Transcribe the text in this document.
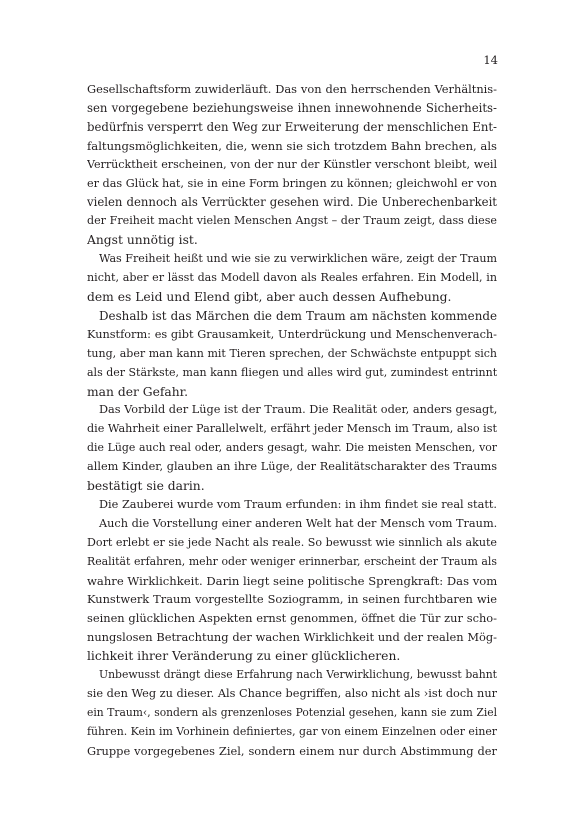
14
Gesellschaftsform zuwiderläuft. Das von den herrschenden Verhältnis-
sen vorgegebene beziehungsweise ihnen innewohnende Sicherheits-
bedürfnis versperrt den Weg zur Erweiterung der menschlichen Ent-
faltungsmöglichkeiten, die, wenn sie sich trotzdem Bahn brechen, als
Verrücktheit erscheinen, von der nur der Künstler verschont bleibt, weil
er das Glück hat, sie in eine Form bringen zu können; gleichwohl er von
vielen dennoch als Verrückter gesehen wird. Die Unberechenbarkeit
der Freiheit macht vielen Menschen Angst – der Traum zeigt, dass diese
Angst unnötig ist.
Was Freiheit heißt und wie sie zu verwirklichen wäre, zeigt der Traum
nicht, aber er lässt das Modell davon als Reales erfahren. Ein Modell, in
dem es Leid und Elend gibt, aber auch dessen Aufhebung.
Deshalb ist das Märchen die dem Traum am nächsten kommende
Kunstform: es gibt Grausamkeit, Unterdrückung und Menschenverach-
tung, aber man kann mit Tieren sprechen, der Schwächste entpuppt sich
als der Stärkste, man kann fliegen und alles wird gut, zumindest entrinnt
man der Gefahr.
Das Vorbild der Lüge ist der Traum. Die Realität oder, anders gesagt,
die Wahrheit einer Parallelwelt, erfährt jeder Mensch im Traum, also ist
die Lüge auch real oder, anders gesagt, wahr. Die meisten Menschen, vor
allem Kinder, glauben an ihre Lüge, der Realitätscharakter des Traums
bestätigt sie darin.
Die Zauberei wurde vom Traum erfunden: in ihm findet sie real statt.
Auch die Vorstellung einer anderen Welt hat der Mensch vom Traum.
Dort erlebt er sie jede Nacht als reale. So bewusst wie sinnlich als akute
Realität erfahren, mehr oder weniger erinnerbar, erscheint der Traum als
wahre Wirklichkeit. Darin liegt seine politische Sprengkraft: Das vom
Kunstwerk Traum vorgestellte Soziogramm, in seinen furchtbaren wie
seinen glücklichen Aspekten ernst genommen, öffnet die Tür zur scho-
nungslosen Betrachtung der wachen Wirklichkeit und der realen Mög-
lichkeit ihrer Veränderung zu einer glücklicheren.
Unbewusst drängt diese Erfahrung nach Verwirklichung, bewusst bahnt
sie den Weg zu dieser. Als Chance begriffen, also nicht als ›ist doch nur
ein Traum‹, sondern als grenzenloses Potenzial gesehen, kann sie zum Ziel
führen. Kein im Vorhinein definiertes, gar von einem Einzelnen oder einer
Gruppe vorgegebenes Ziel, sondern einem nur durch Abstimmung der
